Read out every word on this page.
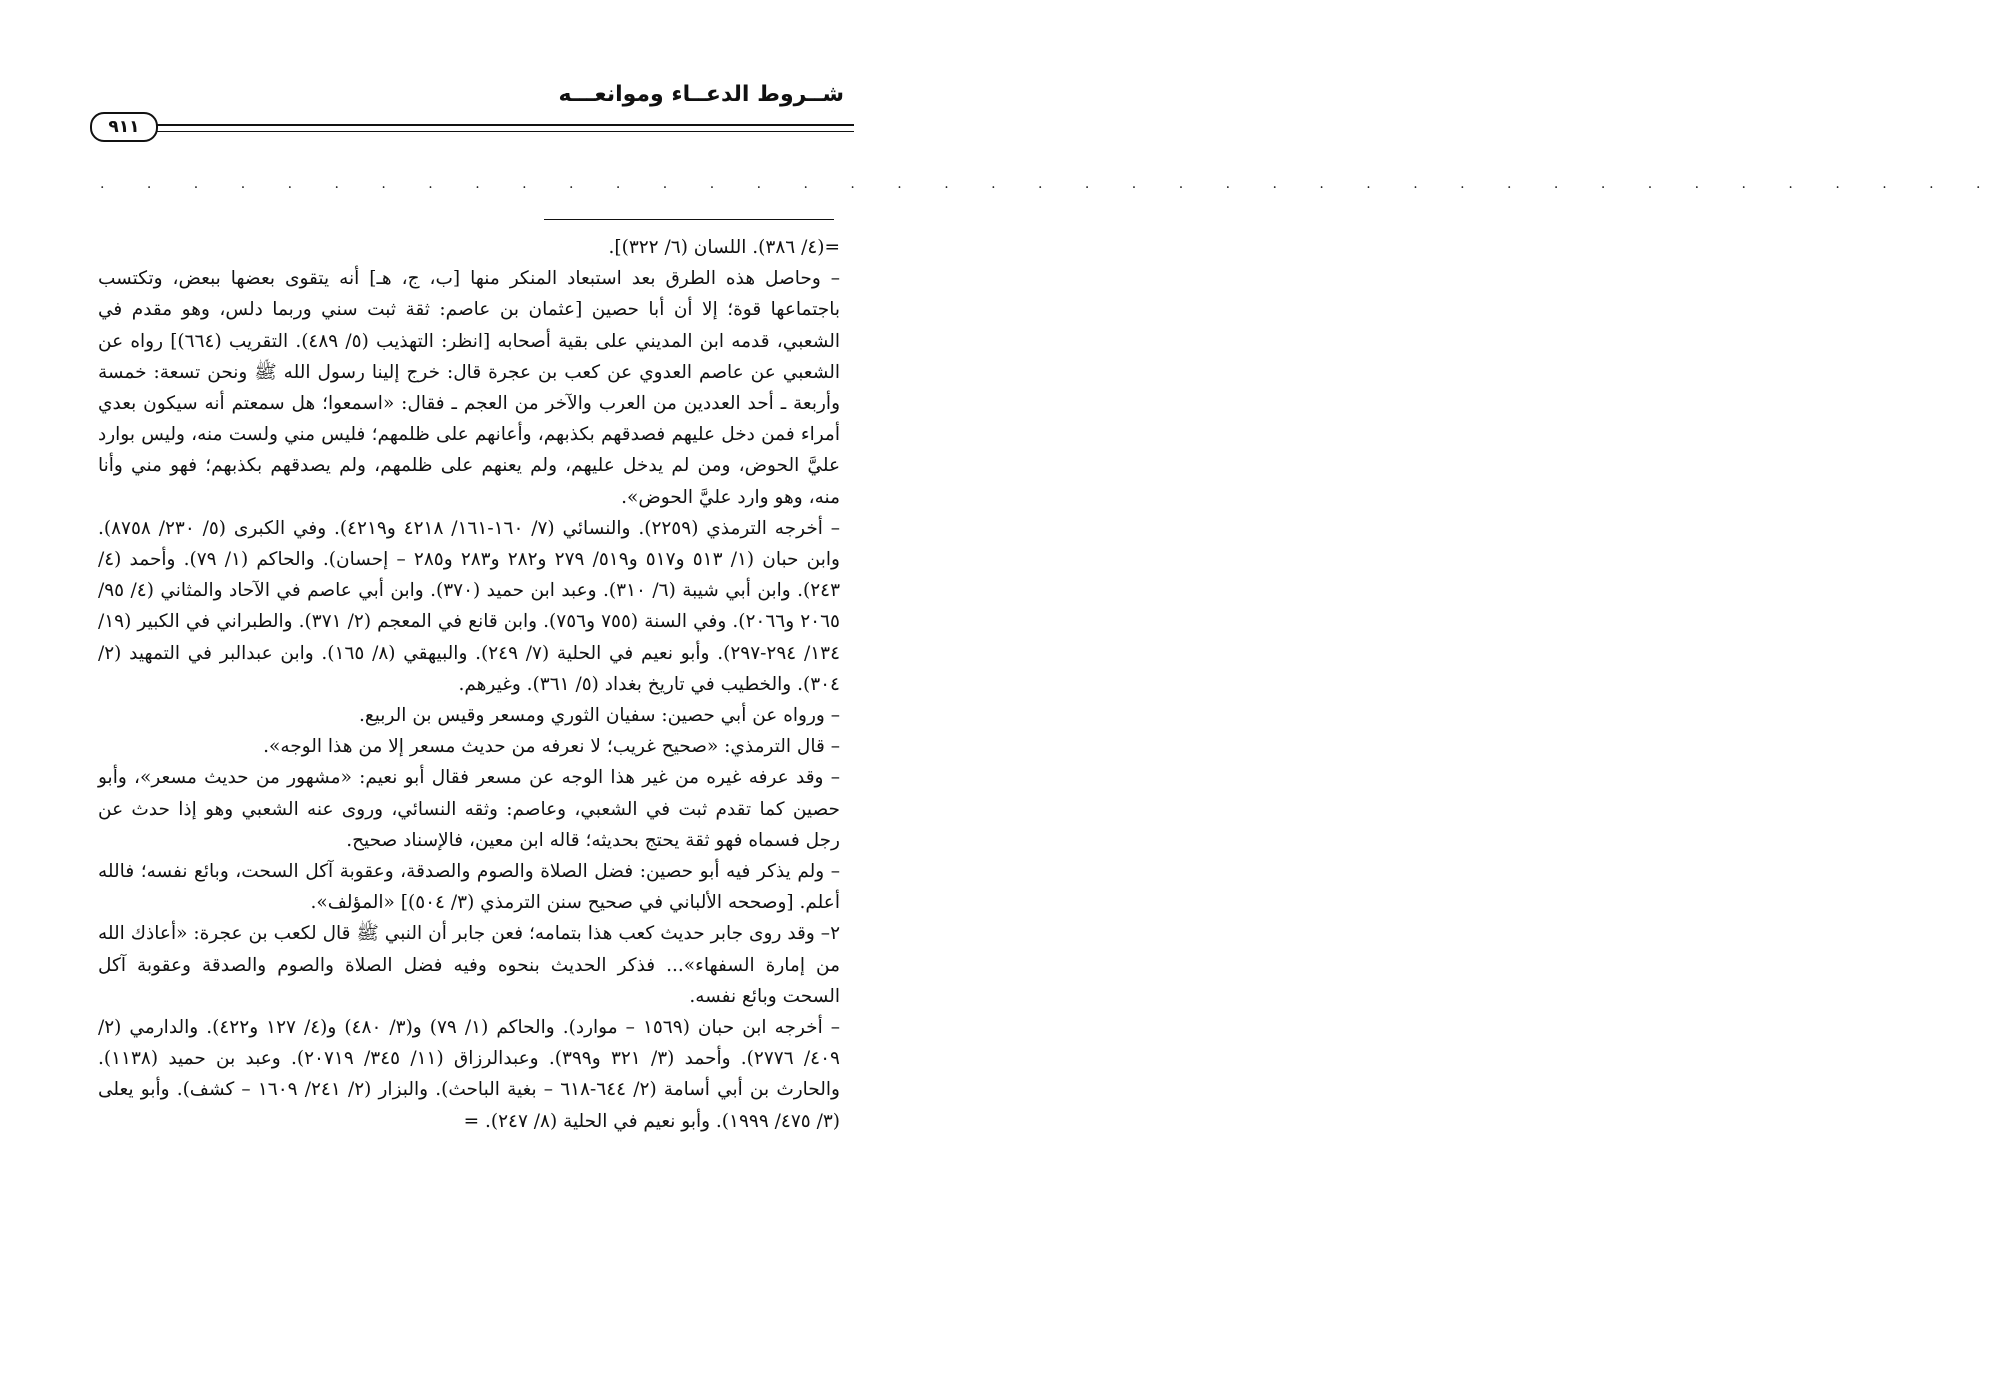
شــروط الدعــاء وموانعـــه
٩١١
. . . . . . . . . . . . . . . . . . . . . . . . . . . . . . . . . . . . . . . . .

=(٤/ ٣٨٦). اللسان (٦/ ٣٢٢)].

– وحاصل هذه الطرق بعد استبعاد المنكر منها [ب، ج، هـ] أنه يتقوى بعضها ببعض، وتكتسب باجتماعها قوة؛ إلا أن أبا حصين [عثمان بن عاصم: ثقة ثبت سني وربما دلس، وهو مقدم في الشعبي، قدمه ابن المديني على بقية أصحابه [انظر: التهذيب (٥/ ٤٨٩). التقريب (٦٦٤)] رواه عن الشعبي عن عاصم العدوي عن كعب بن عجرة قال: خرج إلينا رسول الله ﷺ ونحن تسعة: خمسة وأربعة ـ أحد العددين من العرب والآخر من العجم ـ فقال: «اسمعوا؛ هل سمعتم أنه سيكون بعدي أمراء فمن دخل عليهم فصدقهم بكذبهم، وأعانهم على ظلمهم؛ فليس مني ولست منه، وليس بوارد عليَّ الحوض، ومن لم يدخل عليهم، ولم يعنهم على ظلمهم، ولم يصدقهم بكذبهم؛ فهو مني وأنا منه، وهو وارد عليَّ الحوض».

– أخرجه الترمذي (٢٢٥٩). والنسائي (٧/ ١٦٠-١٦١/ ٤٢١٨ و٤٢١٩). وفي الكبرى (٥/ ٢٣٠/ ٨٧٥٨). وابن حبان (١/ ٥١٣ و٥١٧ و٥١٩/ ٢٧٩ و٢٨٢ و٢٨٣ و٢٨٥ – إحسان). والحاكم (١/ ٧٩). وأحمد (٤/ ٢٤٣). وابن أبي شيبة (٦/ ٣١٠). وعبد ابن حميد (٣٧٠). وابن أبي عاصم في الآحاد والمثاني (٤/ ٩٥/ ٢٠٦٥ و٢٠٦٦). وفي السنة (٧٥٥ و٧٥٦). وابن قانع في المعجم (٢/ ٣٧١). والطبراني في الكبير (١٩/ ١٣٤/ ٢٩٤-٢٩٧). وأبو نعيم في الحلية (٧/ ٢٤٩). والبيهقي (٨/ ١٦٥). وابن عبدالبر في التمهيد (٢/ ٣٠٤). والخطيب في تاريخ بغداد (٥/ ٣٦١). وغيرهم.

– ورواه عن أبي حصين: سفيان الثوري ومسعر وقيس بن الربيع.

– قال الترمذي: «صحيح غريب؛ لا نعرفه من حديث مسعر إلا من هذا الوجه».

– وقد عرفه غيره من غير هذا الوجه عن مسعر فقال أبو نعيم: «مشهور من حديث مسعر»، وأبو حصين كما تقدم ثبت في الشعبي، وعاصم: وثقه النسائي، وروى عنه الشعبي وهو إذا حدث عن رجل فسماه فهو ثقة يحتج بحديثه؛ قاله ابن معين، فالإسناد صحيح.

– ولم يذكر فيه أبو حصين: فضل الصلاة والصوم والصدقة، وعقوبة آكل السحت، وبائع نفسه؛ فالله أعلم. [وصححه الألباني في صحيح سنن الترمذي (٣/ ٥٠٤)] «المؤلف».

٢– وقد روى جابر حديث كعب هذا بتمامه؛ فعن جابر أن النبي ﷺ قال لكعب بن عجرة: «أعاذك الله من إمارة السفهاء»... فذكر الحديث بنحوه وفيه فضل الصلاة والصوم والصدقة وعقوبة آكل السحت وبائع نفسه.

– أخرجه ابن حبان (١٥٦٩ – موارد). والحاكم (١/ ٧٩) و(٣/ ٤٨٠) و(٤/ ١٢٧ و٤٢٢). والدارمي (٢/ ٤٠٩/ ٢٧٧٦). وأحمد (٣/ ٣٢١ و٣٩٩). وعبدالرزاق (١١/ ٣٤٥/ ٢٠٧١٩). وعبد بن حميد (١١٣٨). والحارث بن أبي أسامة (٢/ ٦٤٤-٦١٨ – بغية الباحث). والبزار (٢/ ٢٤١/ ١٦٠٩ – كشف). وأبو يعلى (٣/ ٤٧٥/ ١٩٩٩). وأبو نعيم في الحلية (٨/ ٢٤٧). =
